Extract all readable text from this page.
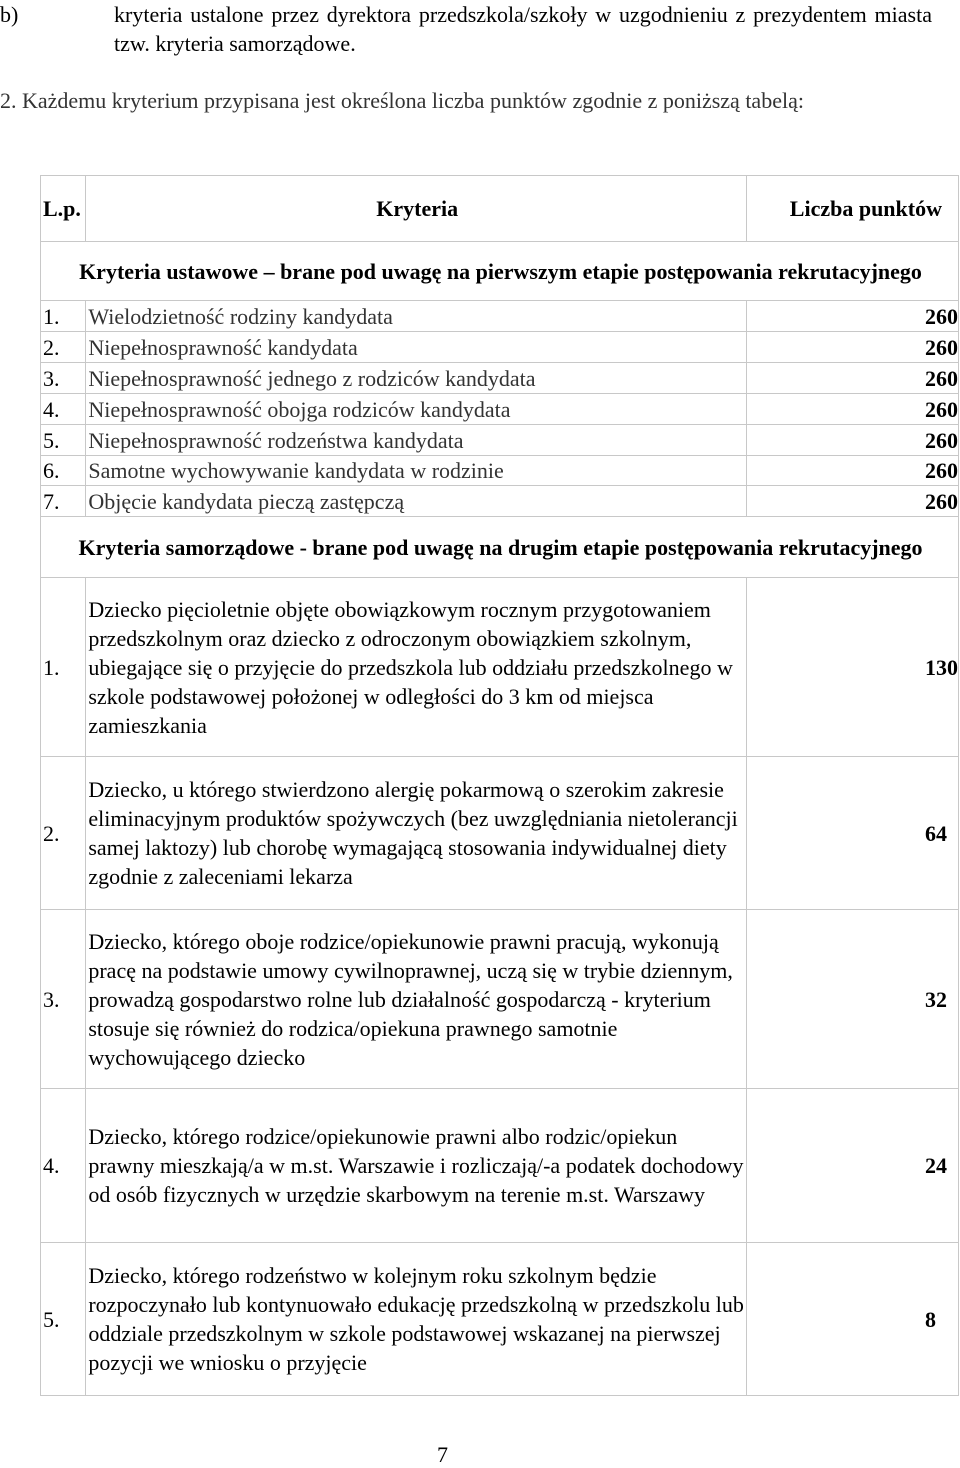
b)	kryteria ustalone przez dyrektora przedszkola/szkoły w uzgodnieniu z prezydentem miasta tzw. kryteria samorządowe.
2. Każdemu kryterium przypisana jest określona liczba punktów zgodnie z poniższą tabelą:
L.p.	Kryteria	Liczba punktów
Kryteria ustawowe – brane pod uwagę na pierwszym etapie postępowania rekrutacyjnego		
1.	Wielodzietność rodziny kandydata	260
2.	Niepełnosprawność kandydata	260
3.	Niepełnosprawność jednego z rodziców kandydata	260
4.	Niepełnosprawność obojga rodziców kandydata	260
5.	Niepełnosprawność rodzeństwa kandydata	260
6.	Samotne wychowywanie kandydata w rodzinie	260
7.	Objęcie kandydata pieczą zastępczą	260
Kryteria samorządowe - brane pod uwagę na drugim etapie postępowania rekrutacyjnego		
1.	Dziecko pięcioletnie objęte obowiązkowym rocznym przygotowaniem przedszkolnym oraz dziecko z odroczonym obowiązkiem szkolnym, ubiegające się o przyjęcie do przedszkola lub oddziału przedszkolnego w szkole podstawowej położonej w odległości do 3 km od miejsca zamieszkania	130
2.	Dziecko, u którego stwierdzono alergię pokarmową o szerokim zakresie eliminacyjnym produktów spożywczych (bez uwzględniania nietolerancji samej laktozy) lub chorobę wymagającą stosowania indywidualnej diety zgodnie z zaleceniami lekarza	64
3.	Dziecko, którego oboje rodzice/opiekunowie prawni pracują, wykonują pracę na podstawie umowy cywilnoprawnej, uczą się w trybie dziennym, prowadzą gospodarstwo rolne lub działalność gospodarczą - kryterium stosuje się również do rodzica/opiekuna prawnego samotnie wychowującego dziecko	32
4.	Dziecko, którego rodzice/opiekunowie prawni albo rodzic/opiekun prawny mieszkają/a w m.st. Warszawie i rozliczają/-a podatek dochodowy od osób fizycznych w urzędzie skarbowym na terenie m.st. Warszawy	24
5.	Dziecko, którego rodzeństwo w kolejnym roku szkolnym będzie rozpoczynało lub kontynuowało edukację przedszkolną w przedszkolu lub oddziale przedszkolnym w szkole podstawowej wskazanej na pierwszej pozycji we wniosku o przyjęcie	8
7
